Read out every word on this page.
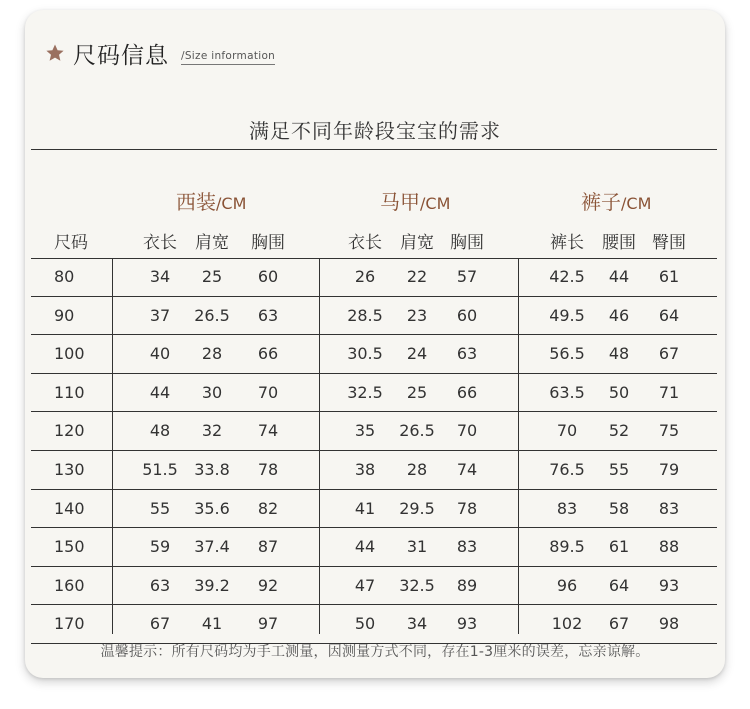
尺码信息 /Size information
满足不同年龄段宝宝的需求
西装/CM	马甲/CM	裤子/CM
尺码	衣长 肩宽 胸围	衣长 肩宽 胸围	裤长 腰围 臀围
80	34 25 60	26 22 57	42.5 44 61
90	37 26.5 63	28.5 23 60	49.5 46 64
100	40 28 66	30.5 24 63	56.5 48 67
110	44 30 70	32.5 25 66	63.5 50 71
120	48 32 74	35 26.5 70	70 52 75
130	51.5 33.8 78	38 28 74	76.5 55 79
140	55 35.6 82	41 29.5 78	83 58 83
150	59 37.4 87	44 31 83	89.5 61 88
160	63 39.2 92	47 32.5 89	96 64 93
170	67 41 97	50 34 93	102 67 98
温馨提示：所有尺码均为手工测量，因测量方式不同，存在1-3厘米的误差，忘亲谅解。
